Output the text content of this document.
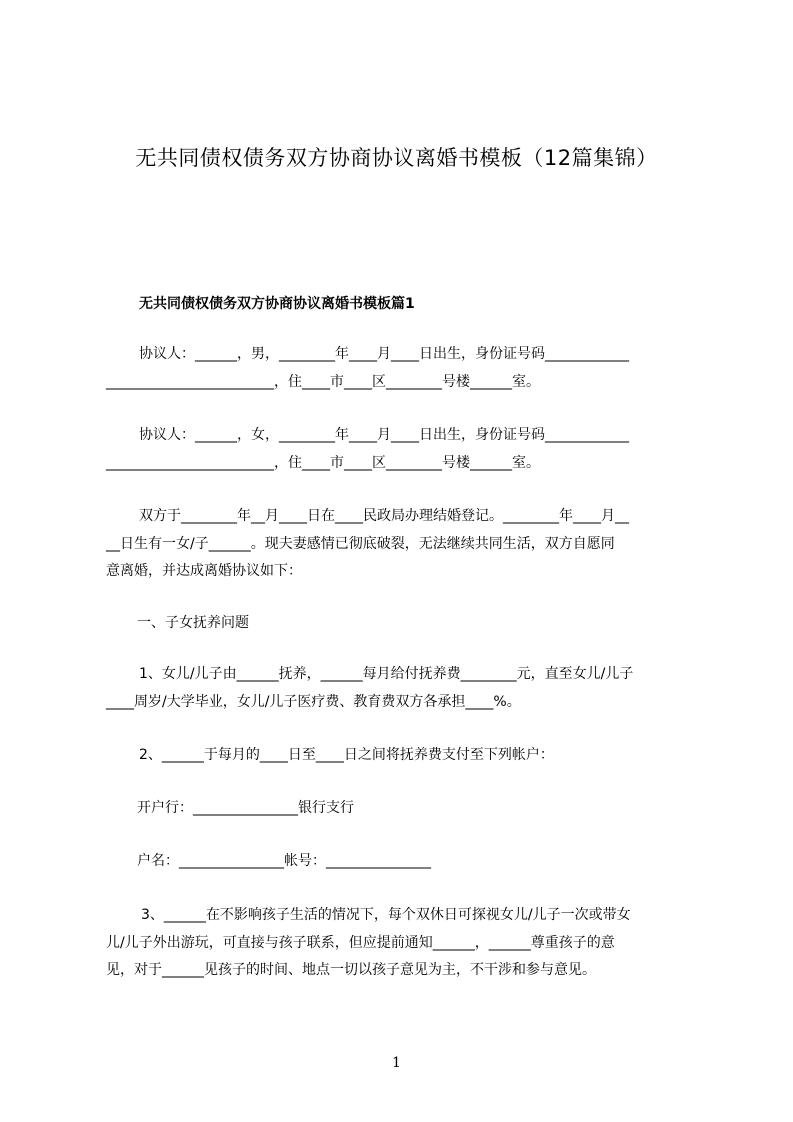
无共同债权债务双方协商协议离婚书模板（12篇集锦）
无共同债权债务双方协商协议离婚书模板篇1
协议人：______，男，________年____月____日出生，身份证号码____________
________________________，住____市____区________号楼______室。
协议人：______，女，________年____月____日出生，身份证号码____________
________________________，住____市____区________号楼______室。
双方于________年__月____日在____民政局办理结婚登记。________年____月__
__日生有一女/子______。现夫妻感情已彻底破裂，无法继续共同生活，双方自愿同
意离婚，并达成离婚协议如下：
一、子女抚养问题
1、女儿/儿子由______抚养，______每月给付抚养费________元，直至女儿/儿子
____周岁/大学毕业，女儿/儿子医疗费、教育费双方各承担____%。
2、______于每月的____日至____日之间将抚养费支付至下列帐户：
开户行：_______________银行支行
户名：_______________帐号：_______________
3、______在不影响孩子生活的情况下，每个双休日可探视女儿/儿子一次或带女
儿/儿子外出游玩，可直接与孩子联系，但应提前通知______，______尊重孩子的意
见，对于______见孩子的时间、地点一切以孩子意见为主，不干涉和参与意见。
1
